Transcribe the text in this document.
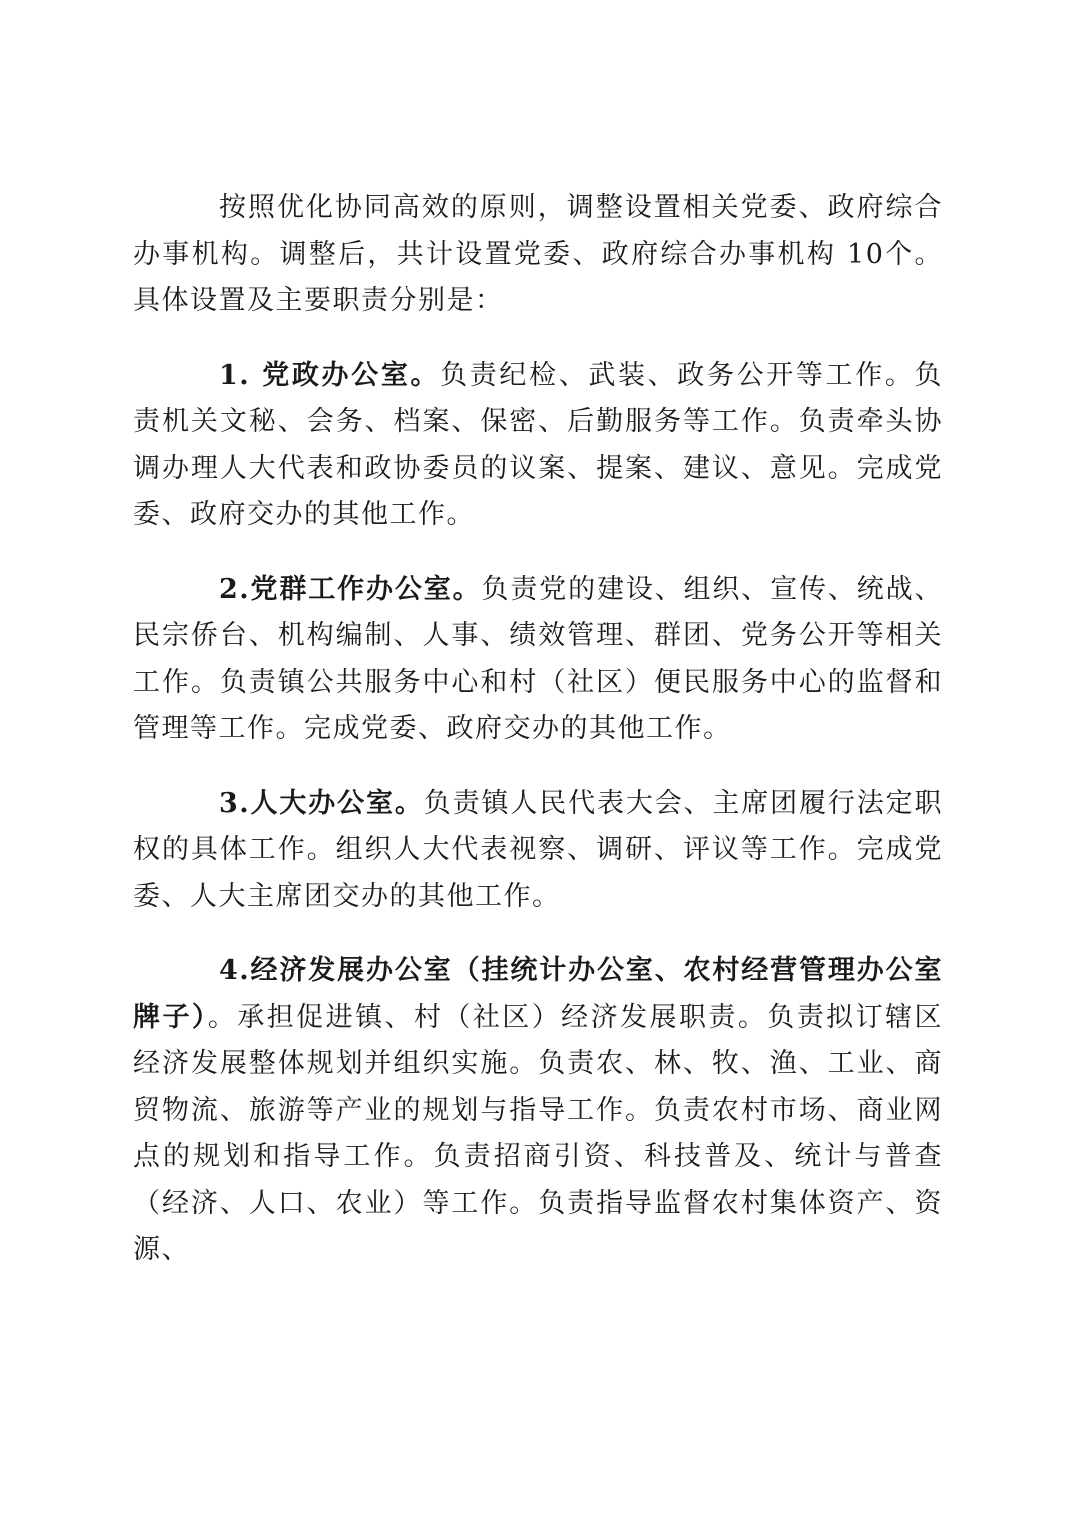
按照优化协同高效的原则，调整设置相关党委、政府综合办事机构。调整后，共计设置党委、政府综合办事机构 10个。具体设置及主要职责分别是：

1. 党政办公室。负责纪检、武装、政务公开等工作。负责机关文秘、会务、档案、保密、后勤服务等工作。负责牵头协调办理人大代表和政协委员的议案、提案、建议、意见。完成党委、政府交办的其他工作。

2.党群工作办公室。负责党的建设、组织、宣传、统战、民宗侨台、机构编制、人事、绩效管理、群团、党务公开等相关工作。负责镇公共服务中心和村（社区）便民服务中心的监督和管理等工作。完成党委、政府交办的其他工作。

3.人大办公室。负责镇人民代表大会、主席团履行法定职权的具体工作。组织人大代表视察、调研、评议等工作。完成党委、人大主席团交办的其他工作。

4.经济发展办公室（挂统计办公室、农村经营管理办公室牌子）。承担促进镇、村（社区）经济发展职责。负责拟订辖区经济发展整体规划并组织实施。负责农、林、牧、渔、工业、商贸物流、旅游等产业的规划与指导工作。负责农村市场、商业网点的规划和指导工作。负责招商引资、科技普及、统计与普查（经济、人口、农业）等工作。负责指导监督农村集体资产、资源、
